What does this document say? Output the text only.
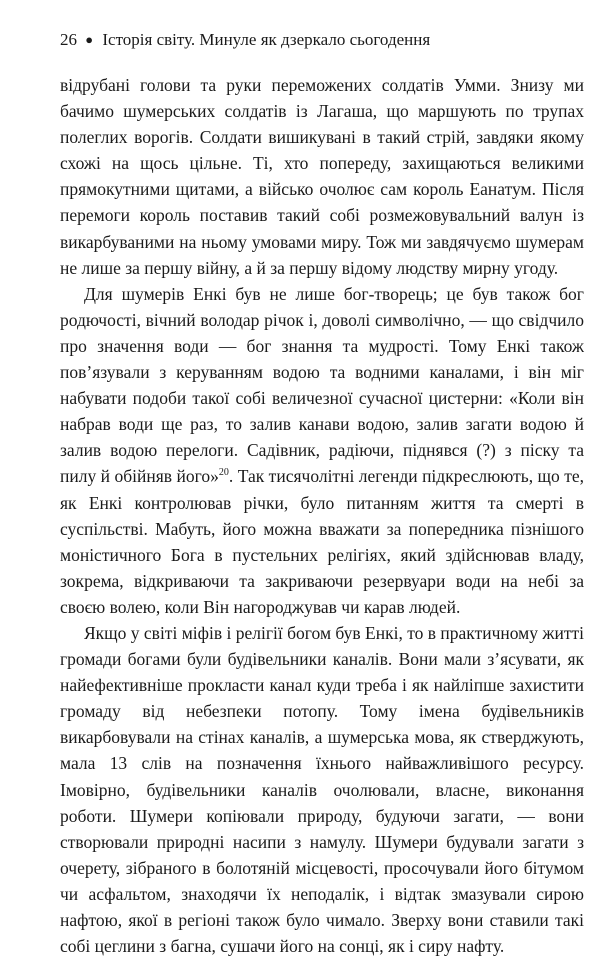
26 ● Історія світу. Минуле як дзеркало сьогодення

відрубані голови та руки переможених солдатів Умми. Знизу ми бачимо шумерських солдатів із Лагаша, що маршують по трупах полеглих ворогів. Солдати вишикувані в такий стрій, завдяки якому схожі на щось цільне. Ті, хто попереду, захищаються великими прямокутними щитами, а військо очолює сам король Еанатум. Після перемоги король поставив такий собі розмежовувальний валун із викарбуваними на ньому умовами миру. Тож ми завдячуємо шумерам не лише за першу війну, а й за першу відому людству мирну угоду.

Для шумерів Енкі був не лише бог-творець; це був також бог родючості, вічний володар річок і, доволі символічно, — що свідчило про значення води — бог знання та мудрості. Тому Енкі також пов’язували з керуванням водою та водними каналами, і він міг набувати подоби такої собі величезної сучасної цистерни: «Коли він набрав води ще раз, то залив канави водою, залив загати водою й залив водою перелоги. Садівник, радіючи, піднявся (?) з піску та пилу й обійняв його»$^{20}$. Так тисячолітні легенди підкреслюють, що те, як Енкі контролював річки, було питанням життя та смерті в суспільстві. Мабуть, його можна вважати за попередника пізнішого моністичного Бога в пустельних релігіях, який здійснював владу, зокрема, відкриваючи та закриваючи резервуари води на небі за своєю волею, коли Він нагороджував чи карав людей.

Якщо у світі міфів і релігії богом був Енкі, то в практичному житті громади богами були будівельники каналів. Вони мали з’ясувати, як найефективніше прокласти канал куди треба і як найліпше захистити громаду від небезпеки потопу. Тому імена будівельників викарбовували на стінах каналів, а шумерська мова, як стверджують, мала 13 слів на позначення їхнього найважливішого ресурсу. Імовірно, будівельники каналів очолювали, власне, виконання роботи. Шумери копіювали природу, будуючи загати, — вони створювали природні насипи з намулу. Шумери будували загати з очерету, зібраного в болотяній місцевості, просочували його бітумом чи асфальтом, знаходячи їх неподалік, і відтак змазували сирою нафтою, якої в регіоні також було чимало. Зверху вони ставили такі собі цеглини з багна, сушачи його на сонці, як і сиру нафту.
